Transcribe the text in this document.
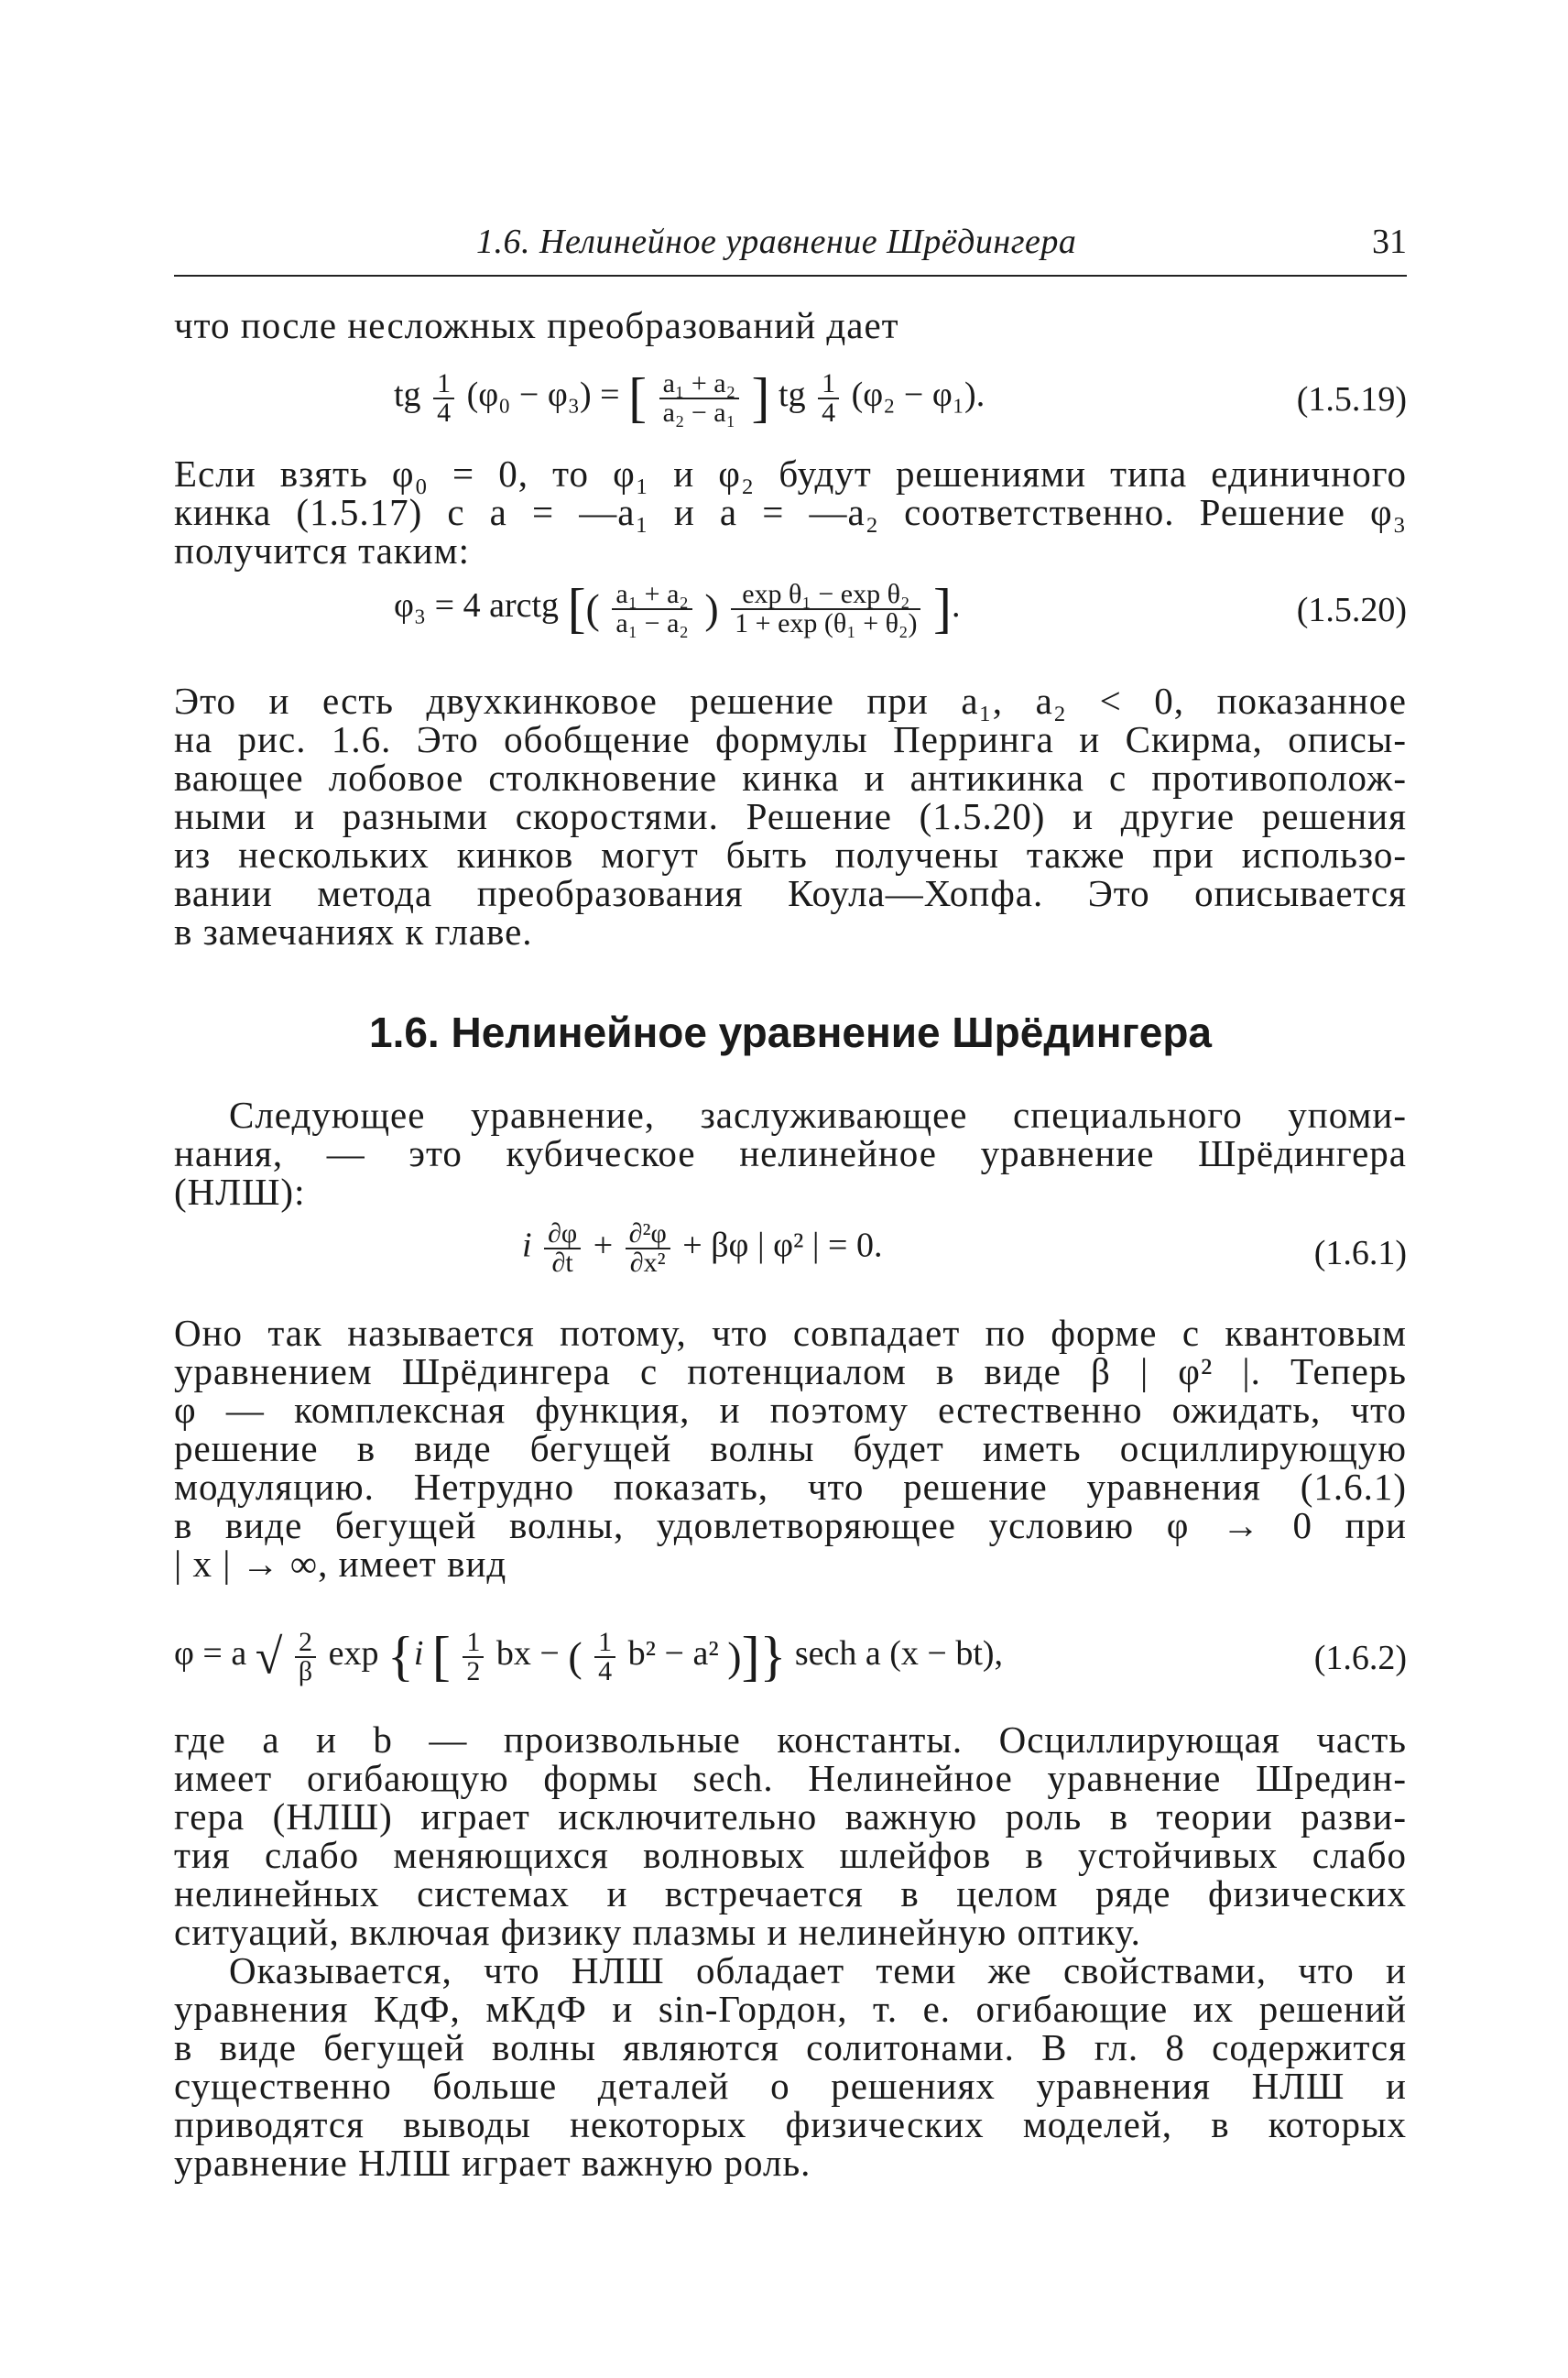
1.6. Нелинейное уравнение Шрёдингера	31
что после несложных преобразований дает
tg $\frac{1}{4} (\varphi_0 - \varphi_3)$ = [ $\frac{\text{a₁ + a₂}}{\text{a₂ − a₁}}$ ] tg $\frac{1}{4} (\varphi_2 - \varphi_1)$.	(1.5.19)
Если взять φ₀ = 0, то φ₁ и φ₂ будут решениями типа единичного
кинка (1.5.17) с a = —a₁ и a = —a₂ соответственно. Решение φ₃
получится таким:
φ₃ = 4 arctg [( $\frac{\text{a₁ + a₂}}{\text{a₁ − a₂}}$ ) $\frac{\text{exp θ₁ − exp θ₂}}{\text{1 + exp (θ₁ + θ₂)}}$ ].	(1.5.20)
Это и есть двухкинковое решение при a₁, a₂ < 0, показанное
на рис. 1.6. Это обобщение формулы Перринга и Скирма, описы-
вающее лобовое столкновение кинка и антикинка с противополож-
ными и разными скоростями. Решение (1.5.20) и другие решения
из нескольких кинков могут быть получены также при использо-
вании метода преобразования Коула—Хопфа. Это описывается
в замечаниях к главе.
1.6. Нелинейное уравнение Шрёдингера
Следующее уравнение, заслуживающее специального упоми-
нания, — это кубическое нелинейное уравнение Шрёдингера
(НЛШ):
i $\frac{\partial\varphi}{\partial t} + \frac{\text{∂²φ}}{\text{∂x²}} + \beta\varphi$ | φ² | = 0.	(1.6.1)
Оно так называется потому, что совпадает по форме с квантовым
уравнением Шрёдингера с потенциалом в виде β | φ² |. Теперь
φ — комплексная функция, и поэтому естественно ожидать, что
решение в виде бегущей волны будет иметь осциллирующую
модуляцию. Нетрудно показать, что решение уравнения (1.6.1)
в виде бегущей волны, удовлетворяющее условию φ → 0 при
| x | → ∞, имеет вид
φ = a √ $\frac{2}{\beta}$ exp {i [ $\frac{1}{2}$ bx − ( $\frac{1}{4} b^2 - a^2$ )]} sech a (x − bt),	(1.6.2)
где a и b — произвольные константы. Осциллирующая часть
имеет огибающую формы sech. Нелинейное уравнение Шредин-
гера (НЛШ) играет исключительно важную роль в теории разви-
тия слабо меняющихся волновых шлейфов в устойчивых слабо
нелинейных системах и встречается в целом ряде физических
ситуаций, включая физику плазмы и нелинейную оптику.
Оказывается, что НЛШ обладает теми же свойствами, что и
уравнения КдФ, мКдФ и sin-Гордон, т. е. огибающие их решений
в виде бегущей волны являются солитонами. В гл. 8 содержится
существенно больше деталей о решениях уравнения НЛШ и
приводятся выводы некоторых физических моделей, в которых
уравнение НЛШ играет важную роль.
